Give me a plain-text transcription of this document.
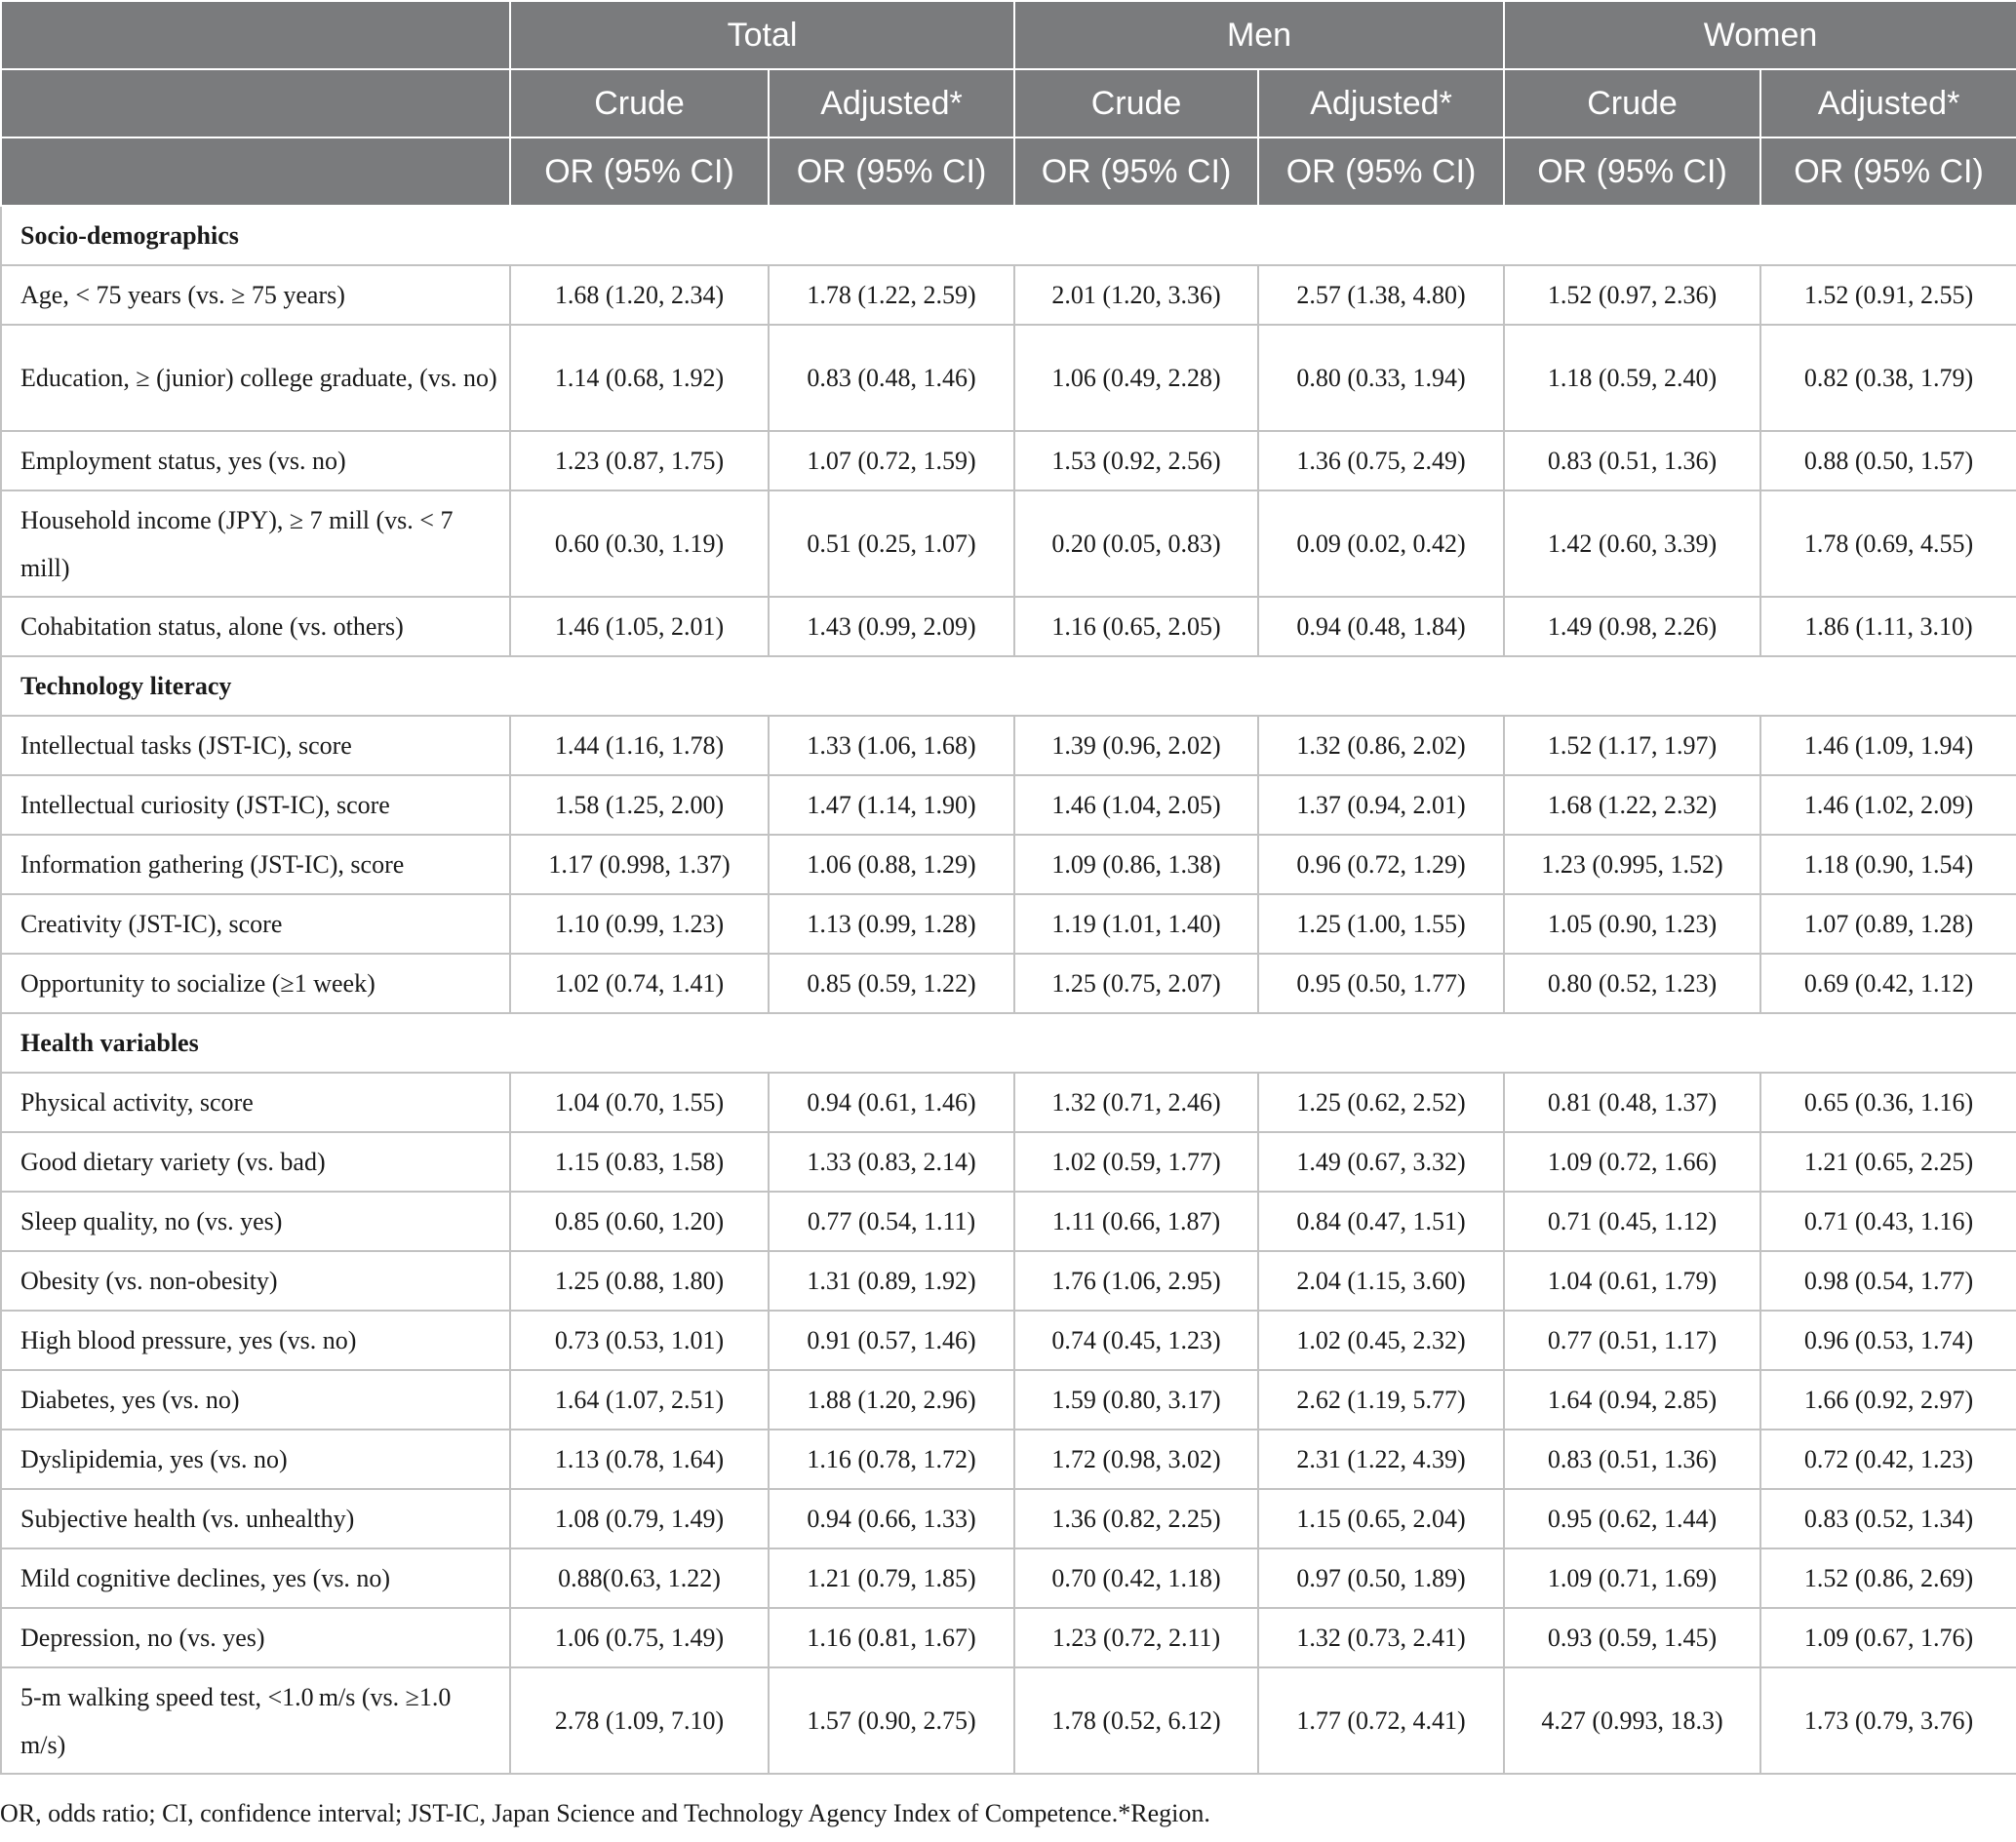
	Total		Men		Women	
	Crude	Adjusted*	Crude	Adjusted*	Crude	Adjusted*
	OR (95% CI)	OR (95% CI)	OR (95% CI)	OR (95% CI)	OR (95% CI)	OR (95% CI)
Socio-demographics						
Age, < 75 years (vs. ≥ 75 years)	1.68 (1.20, 2.34)	1.78 (1.22, 2.59)	2.01 (1.20, 3.36)	2.57 (1.38, 4.80)	1.52 (0.97, 2.36)	1.52 (0.91, 2.55)
Education, ≥ (junior) college graduate, (vs. no)	1.14 (0.68, 1.92)	0.83 (0.48, 1.46)	1.06 (0.49, 2.28)	0.80 (0.33, 1.94)	1.18 (0.59, 2.40)	0.82 (0.38, 1.79)
Employment status, yes (vs. no)	1.23 (0.87, 1.75)	1.07 (0.72, 1.59)	1.53 (0.92, 2.56)	1.36 (0.75, 2.49)	0.83 (0.51, 1.36)	0.88 (0.50, 1.57)
Household income (JPY), ≥ 7 mill (vs. < 7 mill)	0.60 (0.30, 1.19)	0.51 (0.25, 1.07)	0.20 (0.05, 0.83)	0.09 (0.02, 0.42)	1.42 (0.60, 3.39)	1.78 (0.69, 4.55)
Cohabitation status, alone (vs. others)	1.46 (1.05, 2.01)	1.43 (0.99, 2.09)	1.16 (0.65, 2.05)	0.94 (0.48, 1.84)	1.49 (0.98, 2.26)	1.86 (1.11, 3.10)
Technology literacy						
Intellectual tasks (JST-IC), score	1.44 (1.16, 1.78)	1.33 (1.06, 1.68)	1.39 (0.96, 2.02)	1.32 (0.86, 2.02)	1.52 (1.17, 1.97)	1.46 (1.09, 1.94)
Intellectual curiosity (JST-IC), score	1.58 (1.25, 2.00)	1.47 (1.14, 1.90)	1.46 (1.04, 2.05)	1.37 (0.94, 2.01)	1.68 (1.22, 2.32)	1.46 (1.02, 2.09)
Information gathering (JST-IC), score	1.17 (0.998, 1.37)	1.06 (0.88, 1.29)	1.09 (0.86, 1.38)	0.96 (0.72, 1.29)	1.23 (0.995, 1.52)	1.18 (0.90, 1.54)
Creativity (JST-IC), score	1.10 (0.99, 1.23)	1.13 (0.99, 1.28)	1.19 (1.01, 1.40)	1.25 (1.00, 1.55)	1.05 (0.90, 1.23)	1.07 (0.89, 1.28)
Opportunity to socialize (≥1 week)	1.02 (0.74, 1.41)	0.85 (0.59, 1.22)	1.25 (0.75, 2.07)	0.95 (0.50, 1.77)	0.80 (0.52, 1.23)	0.69 (0.42, 1.12)
Health variables						
Physical activity, score	1.04 (0.70, 1.55)	0.94 (0.61, 1.46)	1.32 (0.71, 2.46)	1.25 (0.62, 2.52)	0.81 (0.48, 1.37)	0.65 (0.36, 1.16)
Good dietary variety (vs. bad)	1.15 (0.83, 1.58)	1.33 (0.83, 2.14)	1.02 (0.59, 1.77)	1.49 (0.67, 3.32)	1.09 (0.72, 1.66)	1.21 (0.65, 2.25)
Sleep quality, no (vs. yes)	0.85 (0.60, 1.20)	0.77 (0.54, 1.11)	1.11 (0.66, 1.87)	0.84 (0.47, 1.51)	0.71 (0.45, 1.12)	0.71 (0.43, 1.16)
Obesity (vs. non-obesity)	1.25 (0.88, 1.80)	1.31 (0.89, 1.92)	1.76 (1.06, 2.95)	2.04 (1.15, 3.60)	1.04 (0.61, 1.79)	0.98 (0.54, 1.77)
High blood pressure, yes (vs. no)	0.73 (0.53, 1.01)	0.91 (0.57, 1.46)	0.74 (0.45, 1.23)	1.02 (0.45, 2.32)	0.77 (0.51, 1.17)	0.96 (0.53, 1.74)
Diabetes, yes (vs. no)	1.64 (1.07, 2.51)	1.88 (1.20, 2.96)	1.59 (0.80, 3.17)	2.62 (1.19, 5.77)	1.64 (0.94, 2.85)	1.66 (0.92, 2.97)
Dyslipidemia, yes (vs. no)	1.13 (0.78, 1.64)	1.16 (0.78, 1.72)	1.72 (0.98, 3.02)	2.31 (1.22, 4.39)	0.83 (0.51, 1.36)	0.72 (0.42, 1.23)
Subjective health (vs. unhealthy)	1.08 (0.79, 1.49)	0.94 (0.66, 1.33)	1.36 (0.82, 2.25)	1.15 (0.65, 2.04)	0.95 (0.62, 1.44)	0.83 (0.52, 1.34)
Mild cognitive declines, yes (vs. no)	0.88(0.63, 1.22)	1.21 (0.79, 1.85)	0.70 (0.42, 1.18)	0.97 (0.50, 1.89)	1.09 (0.71, 1.69)	1.52 (0.86, 2.69)
Depression, no (vs. yes)	1.06 (0.75, 1.49)	1.16 (0.81, 1.67)	1.23 (0.72, 2.11)	1.32 (0.73, 2.41)	0.93 (0.59, 1.45)	1.09 (0.67, 1.76)
5-m walking speed test, <1.0 m/s (vs. ≥1.0 m/s)	2.78 (1.09, 7.10)	1.57 (0.90, 2.75)	1.78 (0.52, 6.12)	1.77 (0.72, 4.41)	4.27 (0.993, 18.3)	1.73 (0.79, 3.76)
OR, odds ratio; CI, confidence interval; JST-IC, Japan Science and Technology Agency Index of Competence.*Region.
